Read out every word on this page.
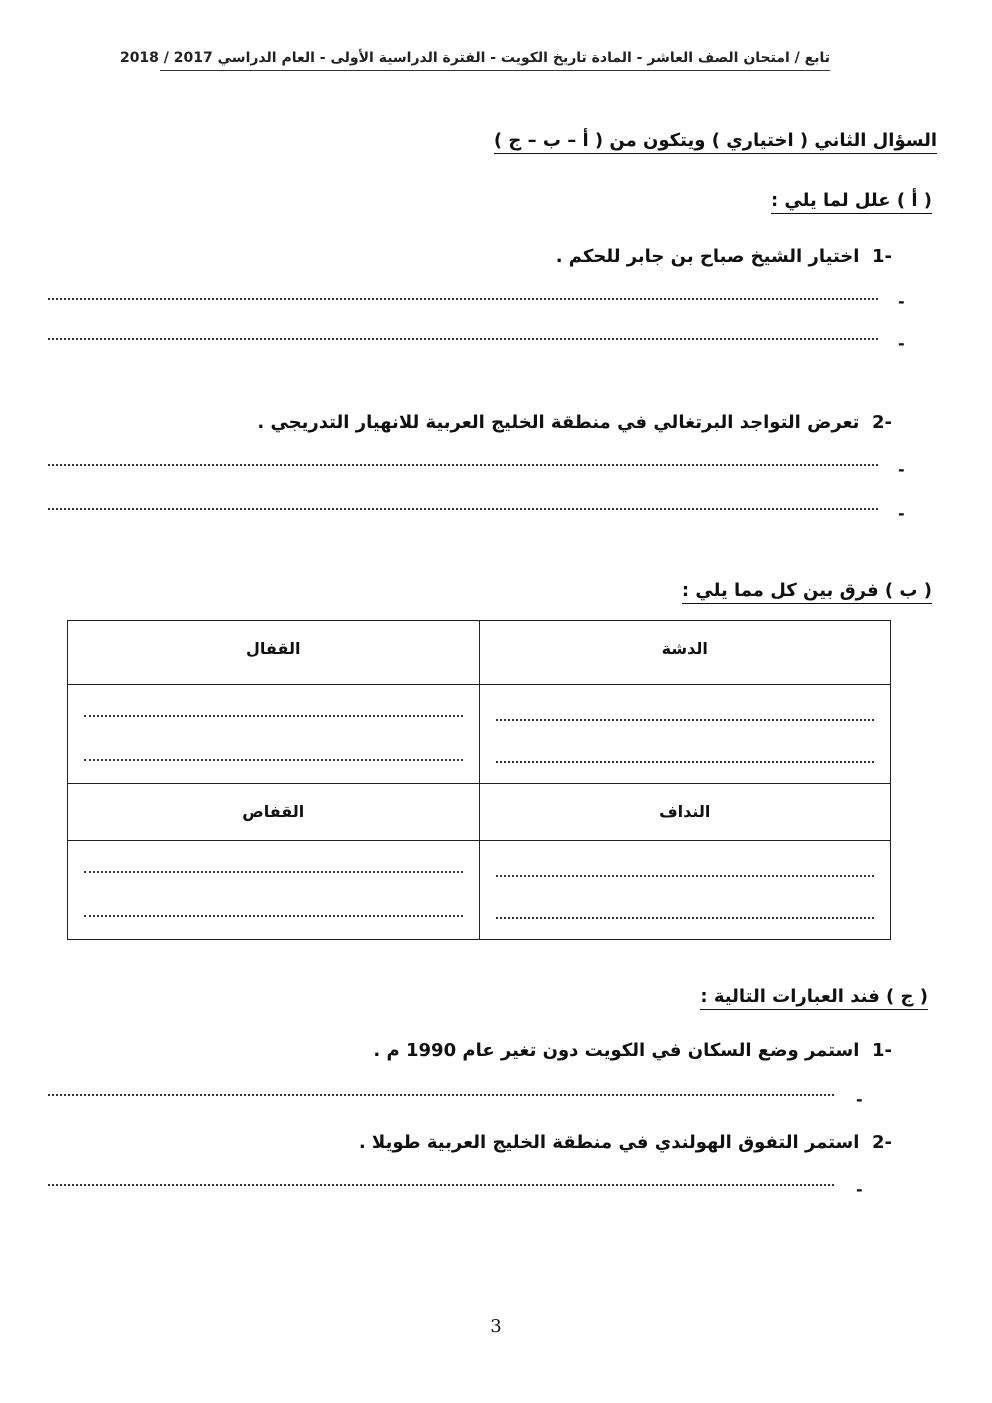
تابع / امتحان الصف العاشر - المادة تاريخ الكويت - الفترة الدراسية الأولى - العام الدراسي 2017 / 2018
السؤال الثاني ( اختياري ) ويتكون من ( أ – ب – ج )
( أ ) علل لما يلي :
-1  اختيار الشيخ صباح بن جابر للحكم .
-
-
-2  تعرض التواجد البرتغالي في منطقة الخليج العربية للانهيار التدريجي .
-
-
( ب ) فرق بين كل مما يلي :
القفال	الدشة

القفاص	النداف

( ج ) فند العبارات التالية :
-1  استمر وضع السكان في الكويت دون تغير عام 1990 م .
-
-2  استمر التفوق الهولندي في منطقة الخليج العربية طويلا .
-
3
